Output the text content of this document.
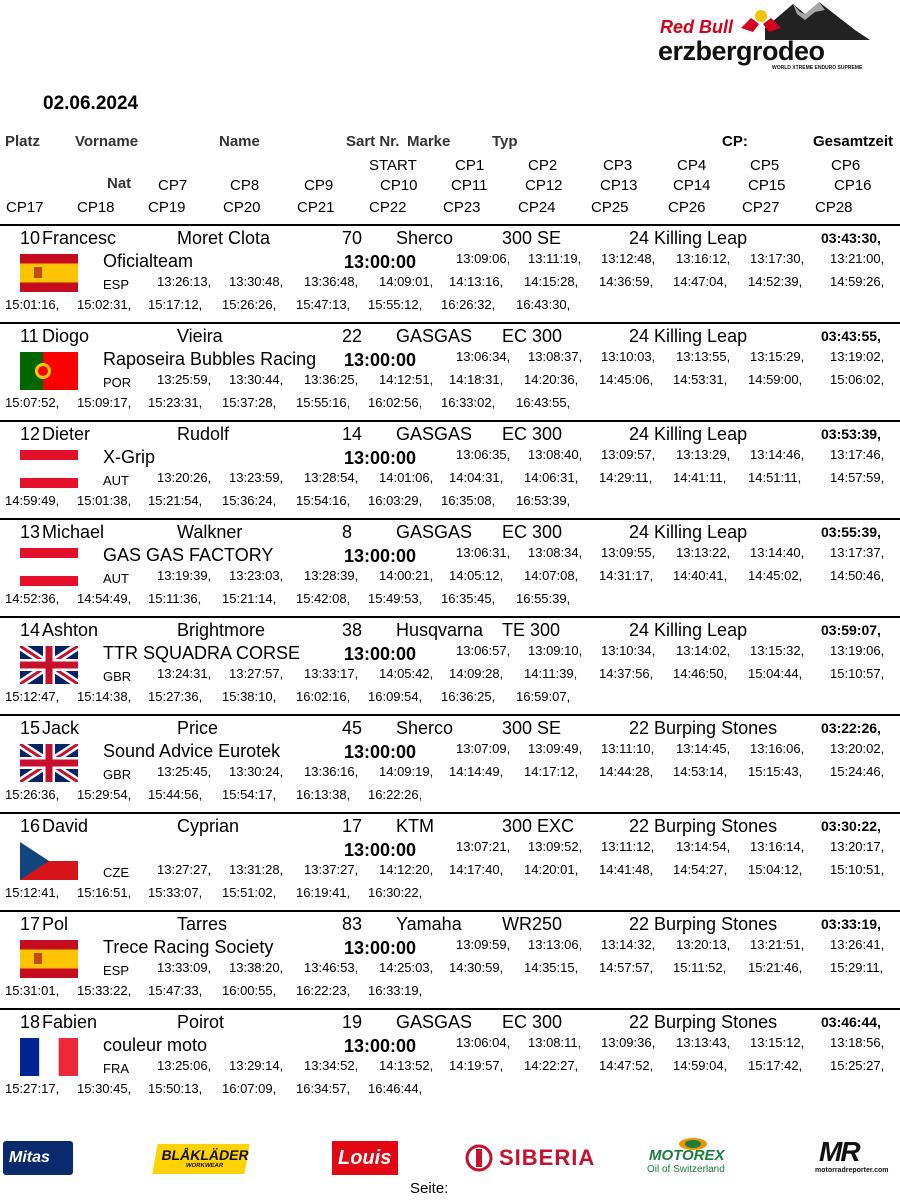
Red Bull
erzbergrodeo
WORLD XTREME ENDURO SUPREME
02.06.2024
Platz Vorname	Name	Sart Nr. Marke	Typ	CP:	Gesamtzeit
START	CP1	CP2	CP3	CP4	CP5	CP6
Nat CP7	CP8	CP9	CP10 CP11	CP12 CP13 CP14 CP15	CP16
CP17 CP18 CP19 CP20 CP21 CP22 CP23 CP24 CP25	CP26 CP27 CP28
10 Francesc	Moret Clota	70 Sherco	300 SE	24 Killing Leap	03:43:30,
Oficialteam	13:00:00
ESP
13:09:06, 13:11:19, 13:12:48, 13:16:12, 13:17:30, 13:21:00,
13:26:13, 13:30:48, 13:36:48, 14:09:01, 14:13:16, 14:15:28, 14:36:59, 14:47:04, 14:52:39, 14:59:26,
15:01:16, 15:02:31, 15:17:12, 15:26:26, 15:47:13, 15:55:12, 16:26:32, 16:43:30,
11 Diogo	Vieira	22 GASGAS EC 300	24 Killing Leap	03:43:55,
Raposeira Bubbles Racing 13:00:00
POR
13:06:34, 13:08:37, 13:10:03, 13:13:55, 13:15:29, 13:19:02,
13:25:59, 13:30:44, 13:36:25, 14:12:51, 14:18:31, 14:20:36, 14:45:06, 14:53:31, 14:59:00, 15:06:02,
15:07:52, 15:09:17, 15:23:31, 15:37:28, 15:55:16, 16:02:56, 16:33:02, 16:43:55,
12 Dieter	Rudolf	14 GASGAS EC 300	24 Killing Leap	03:53:39,
X-Grip	13:00:00
AUT
13:06:35, 13:08:40, 13:09:57, 13:13:29, 13:14:46, 13:17:46,
13:20:26, 13:23:59, 13:28:54, 14:01:06, 14:04:31, 14:06:31, 14:29:11, 14:41:11, 14:51:11, 14:57:59,
14:59:49, 15:01:38, 15:21:54, 15:36:24, 15:54:16, 16:03:29, 16:35:08, 16:53:39,
13 Michael	Walkner	8 GASGAS EC 300	24 Killing Leap	03:55:39,
GAS GAS FACTORY	13:00:00
AUT
13:06:31, 13:08:34, 13:09:55, 13:13:22, 13:14:40, 13:17:37,
13:19:39, 13:23:03, 13:28:39, 14:00:21, 14:05:12, 14:07:08, 14:31:17, 14:40:41, 14:45:02, 14:50:46,
14:52:36, 14:54:49, 15:11:36, 15:21:14, 15:42:08, 15:49:53, 16:35:45, 16:55:39,
14 Ashton	Brightmore	38 Husqvarna TE 300	24 Killing Leap	03:59:07,
TTR SQUADRA CORSE 13:00:00
GBR
13:06:57, 13:09:10, 13:10:34, 13:14:02, 13:15:32, 13:19:06,
13:24:31, 13:27:57, 13:33:17, 14:05:42, 14:09:28, 14:11:39, 14:37:56, 14:46:50, 15:04:44, 15:10:57,
15:12:47, 15:14:38, 15:27:36, 15:38:10, 16:02:16, 16:09:54, 16:36:25, 16:59:07,
15 Jack	Price	45 Sherco	300 SE	22 Burping Stones	03:22:26,
Sound Advice Eurotek	13:00:00
GBR
13:07:09, 13:09:49, 13:11:10, 13:14:45, 13:16:06, 13:20:02,
13:25:45, 13:30:24, 13:36:16, 14:09:19, 14:14:49, 14:17:12, 14:44:28, 14:53:14, 15:15:43, 15:24:46,
15:26:36, 15:29:54, 15:44:56, 15:54:17, 16:13:38, 16:22:26,
16 David	Cyprian	17 KTM	300 EXC	22 Burping Stones	03:30:22,
13:00:00
CZE
13:07:21, 13:09:52, 13:11:12, 13:14:54, 13:16:14, 13:20:17,
13:27:27, 13:31:28, 13:37:27, 14:12:20, 14:17:40, 14:20:01, 14:41:48, 14:54:27, 15:04:12, 15:10:51,
15:12:41, 15:16:51, 15:33:07, 15:51:02, 16:19:41, 16:30:22,
17 Pol	Tarres	83 Yamaha WR250	22 Burping Stones	03:33:19,
Trece Racing Society	13:00:00
ESP
13:09:59, 13:13:06, 13:14:32, 13:20:13, 13:21:51, 13:26:41,
13:33:09, 13:38:20, 13:46:53, 14:25:03, 14:30:59, 14:35:15, 14:57:57, 15:11:52, 15:21:46, 15:29:11,
15:31:01, 15:33:22, 15:47:33, 16:00:55, 16:22:23, 16:33:19,
18 Fabien	Poirot	19 GASGAS EC 300	22 Burping Stones	03:46:44,
couleur moto	13:00:00
FRA
13:06:04, 13:08:11, 13:09:36, 13:13:43, 13:15:12, 13:18:56,
13:25:06, 13:29:14, 13:34:52, 14:13:52, 14:19:57, 14:22:27, 14:47:52, 14:59:04, 15:17:42, 15:25:27,
15:27:17, 15:30:45, 15:50:13, 16:07:09, 16:34:57, 16:46:44,
Mitas	BLÅKLÄDER
WORKWEAR	Louis	SIBERIA	MOTOREX
Oil of Switzerland
MR
motorradreporter.com
Seite:
